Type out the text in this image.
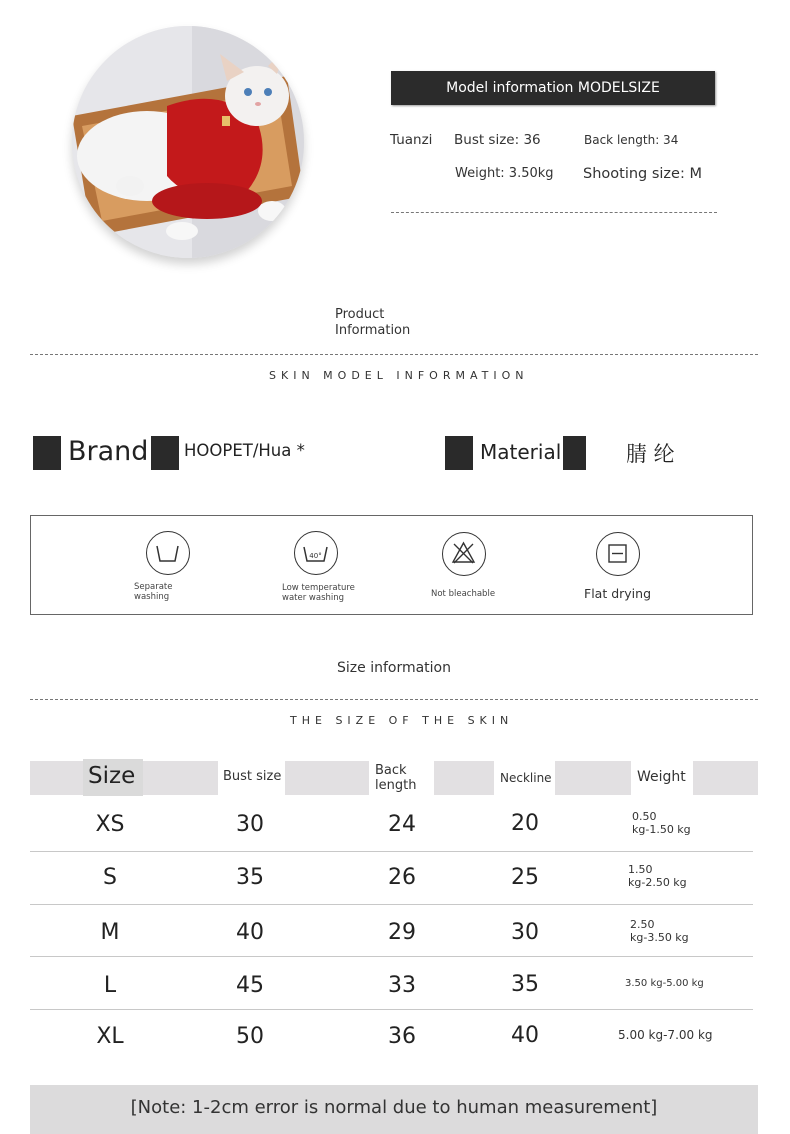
Model information MODELSIZE
Tuanzi Bust size: 36	Back length: 34
Weight: 3.50kg Shooting size: M
Product
Information
SKIN MODEL INFORMATION
Brand HOOPET/Hua *	Material	腈 纶
Separate
washing
40°
Low temperature
water washing	Not bleachable	Flat drying
Size information
THE SIZE OF THE SKIN
Size	Bust size	Back
length	Neckline	Weight
XS	30	24	20	0.50
kg-1.50 kg
S	35	26	25	1.50
kg-2.50 kg
M	40	29	30	2.50
kg-3.50 kg
L	45	33	35	3.50 kg-5.00 kg
XL	50	36	40	5.00 kg-7.00 kg
[Note: 1-2cm error is normal due to human measurement]
